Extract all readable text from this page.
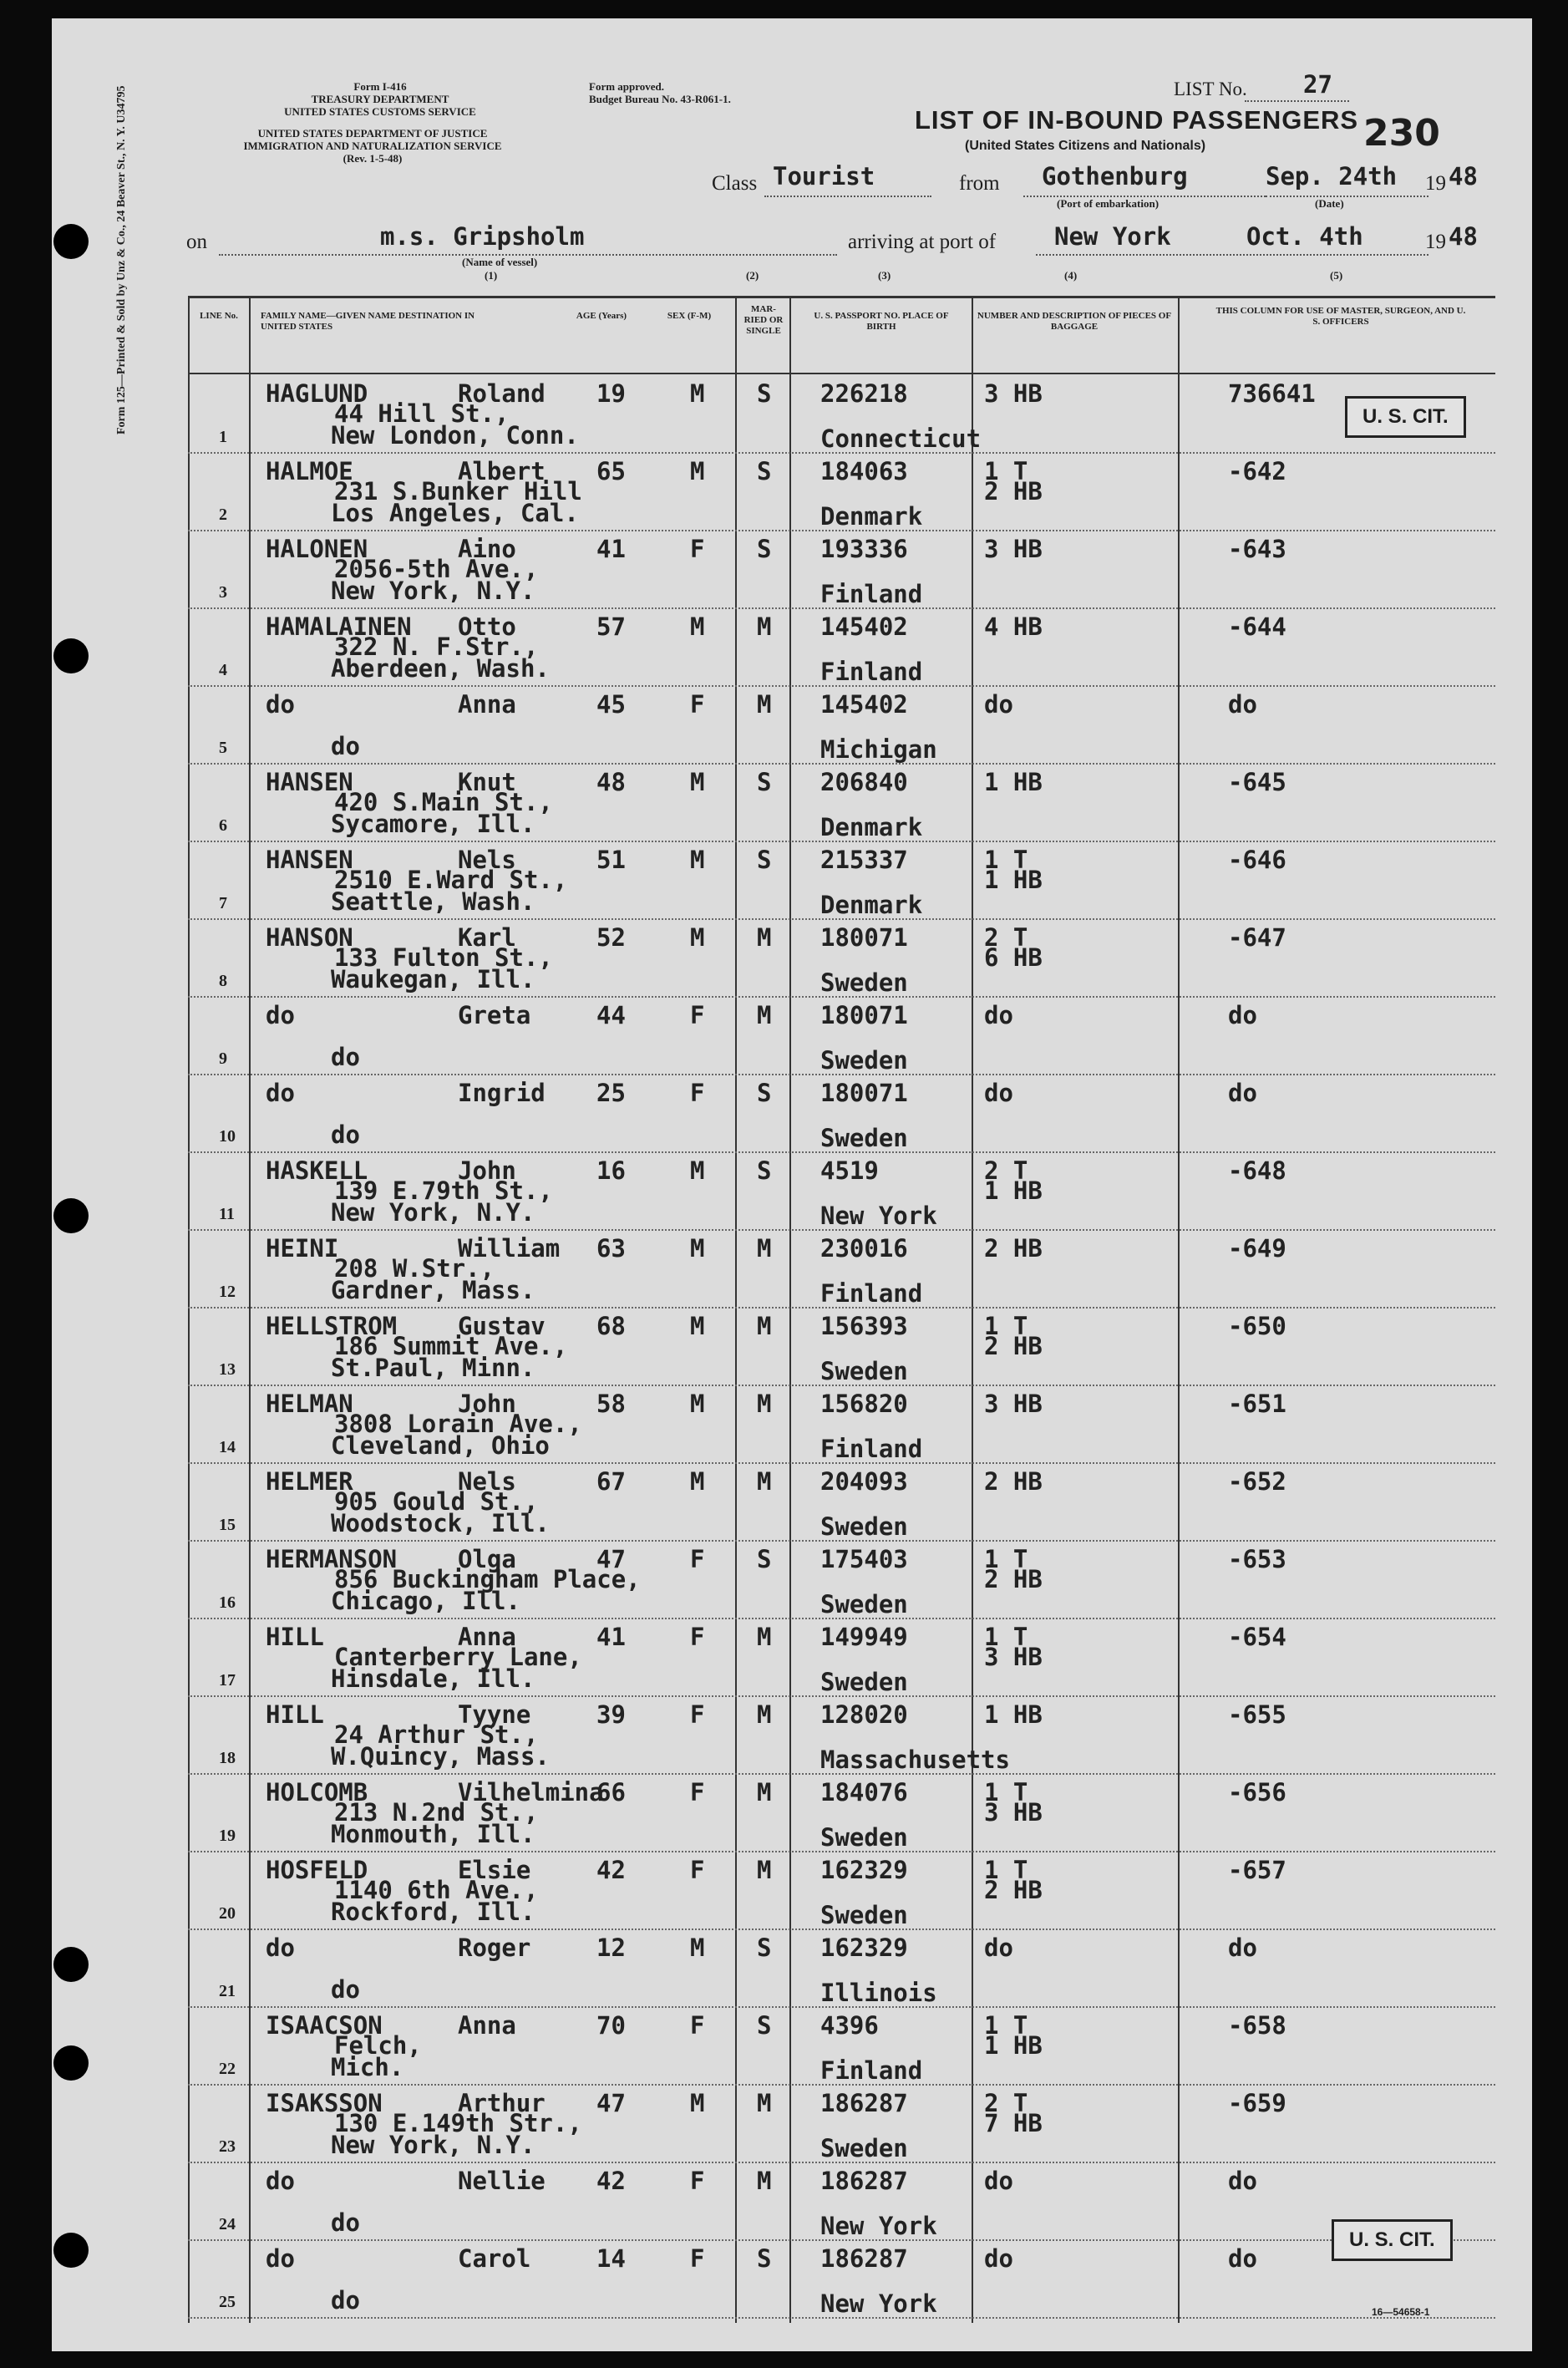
Form 125—Printed & Sold by Unz & Co., 24 Beaver St., N. Y. U34795	Form I-416
TREASURY DEPARTMENT
UNITED STATES CUSTOMS SERVICE
UNITED STATES DEPARTMENT OF JUSTICE
IMMIGRATION AND NATURALIZATION SERVICE
(Rev. 1-5-48)
Form approved.
Budget Bureau No. 43-R061-1.	LIST No. 27
LIST OF IN-BOUND PASSENGERS
(United States Citizens and Nationals)	230
Class Tourist	from Gothenburg
(Port of embarkation)
Sep. 24th
(Date)
19 48
on	m.s. Gripsholm
(Name of vessel)
arriving at port of New York	Oct. 4th	19 48
(1)	(2)	(3)	(4)	(5)
LINE No.	FAMILY NAME—GIVEN NAME DESTINATION IN UNITED STATES
AGE (Years)	SEX (F-M)
MAR-RIED OR SINGLE
U. S. PASSPORT NO. PLACE OF BIRTH
NUMBER AND DESCRIPTION OF PIECES OF BAGGAGE
THIS COLUMN FOR USE OF MASTER, SURGEON, AND U. S. OFFICERS
1
HAGLUND	Roland
44 Hill St.,
New London, Conn.
19	M S 226218
Connecticut
3 HB	736641
2
HALMOE	Albert
231 S.Bunker Hill
Los Angeles, Cal.
65	M S 184063
Denmark
1 T
2 HB
-642
3
HALONEN	Aino
2056-5th Ave.,
New York, N.Y.
41	F S 193336
Finland
3 HB	-643
4
HAMALAINEN Otto
322 N. F.Str.,
Aberdeen, Wash.
57	M M 145402
Finland
4 HB	-644
5
do	Anna
do
45	F M 145402
Michigan
do	do
6
HANSEN	Knut
420 S.Main St.,
Sycamore, Ill.
48	M S 206840
Denmark
1 HB	-645
7
HANSEN	Nels
2510 E.Ward St.,
Seattle, Wash.
51	M S 215337
Denmark
1 T
1 HB
-646
8
HANSON	Karl
133 Fulton St.,
Waukegan, Ill.
52	M M 180071
Sweden
2 T
6 HB
-647
9
do	Greta
do
44	F M 180071
Sweden
do	do
10
do	Ingrid
do
25	F S 180071
Sweden
do	do
11
HASKELL	John
139 E.79th St.,
New York, N.Y.
16	M S 4519
New York
2 T
1 HB
-648
12
HEINI	William
208 W.Str.,
Gardner, Mass.
63	M M 230016
Finland
2 HB	-649
13
HELLSTROM	Gustav
186 Summit Ave.,
St.Paul, Minn.
68	M M 156393
Sweden
1 T
2 HB
-650
14
HELMAN	John
3808 Lorain Ave.,
Cleveland, Ohio
58	M M 156820
Finland
3 HB	-651
15
HELMER	Nels
905 Gould St.,
Woodstock, Ill.
67	M M 204093
Sweden
2 HB	-652
16
HERMANSON	Olga
856 Buckingham Place,
Chicago, Ill.
47	F S 175403
Sweden
1 T
2 HB
-653
17
HILL	Anna
Canterberry Lane,
Hinsdale, Ill.
41	F M 149949
Sweden
1 T
3 HB
-654
18
HILL	Tyyne
24 Arthur St.,
W.Quincy, Mass.
39	F M 128020
Massachusetts
1 HB	-655
19
HOLCOMB	Vilhelmina
213 N.2nd St.,
Monmouth, Ill.
66	F M 184076
Sweden
1 T
3 HB
-656
20
HOSFELD	Elsie
1140 6th Ave.,
Rockford, Ill.
42	F M 162329
Sweden
1 T
2 HB
-657
21
do	Roger
do
12	M S 162329
Illinois
do	do
22
ISAACSON	Anna
Felch,
Mich.
70	F S 4396
Finland
1 T
1 HB
-658
23
ISAKSSON	Arthur
130 E.149th Str.,
New York, N.Y.
47	M M 186287
Sweden
2 T
7 HB
-659
24
do	Nellie
do
42	F M 186287
New York
do	do
25
do	Carol
do
14	F S 186287
New York
do	do
U. S. CIT.
U. S. CIT.
16—54658-1
